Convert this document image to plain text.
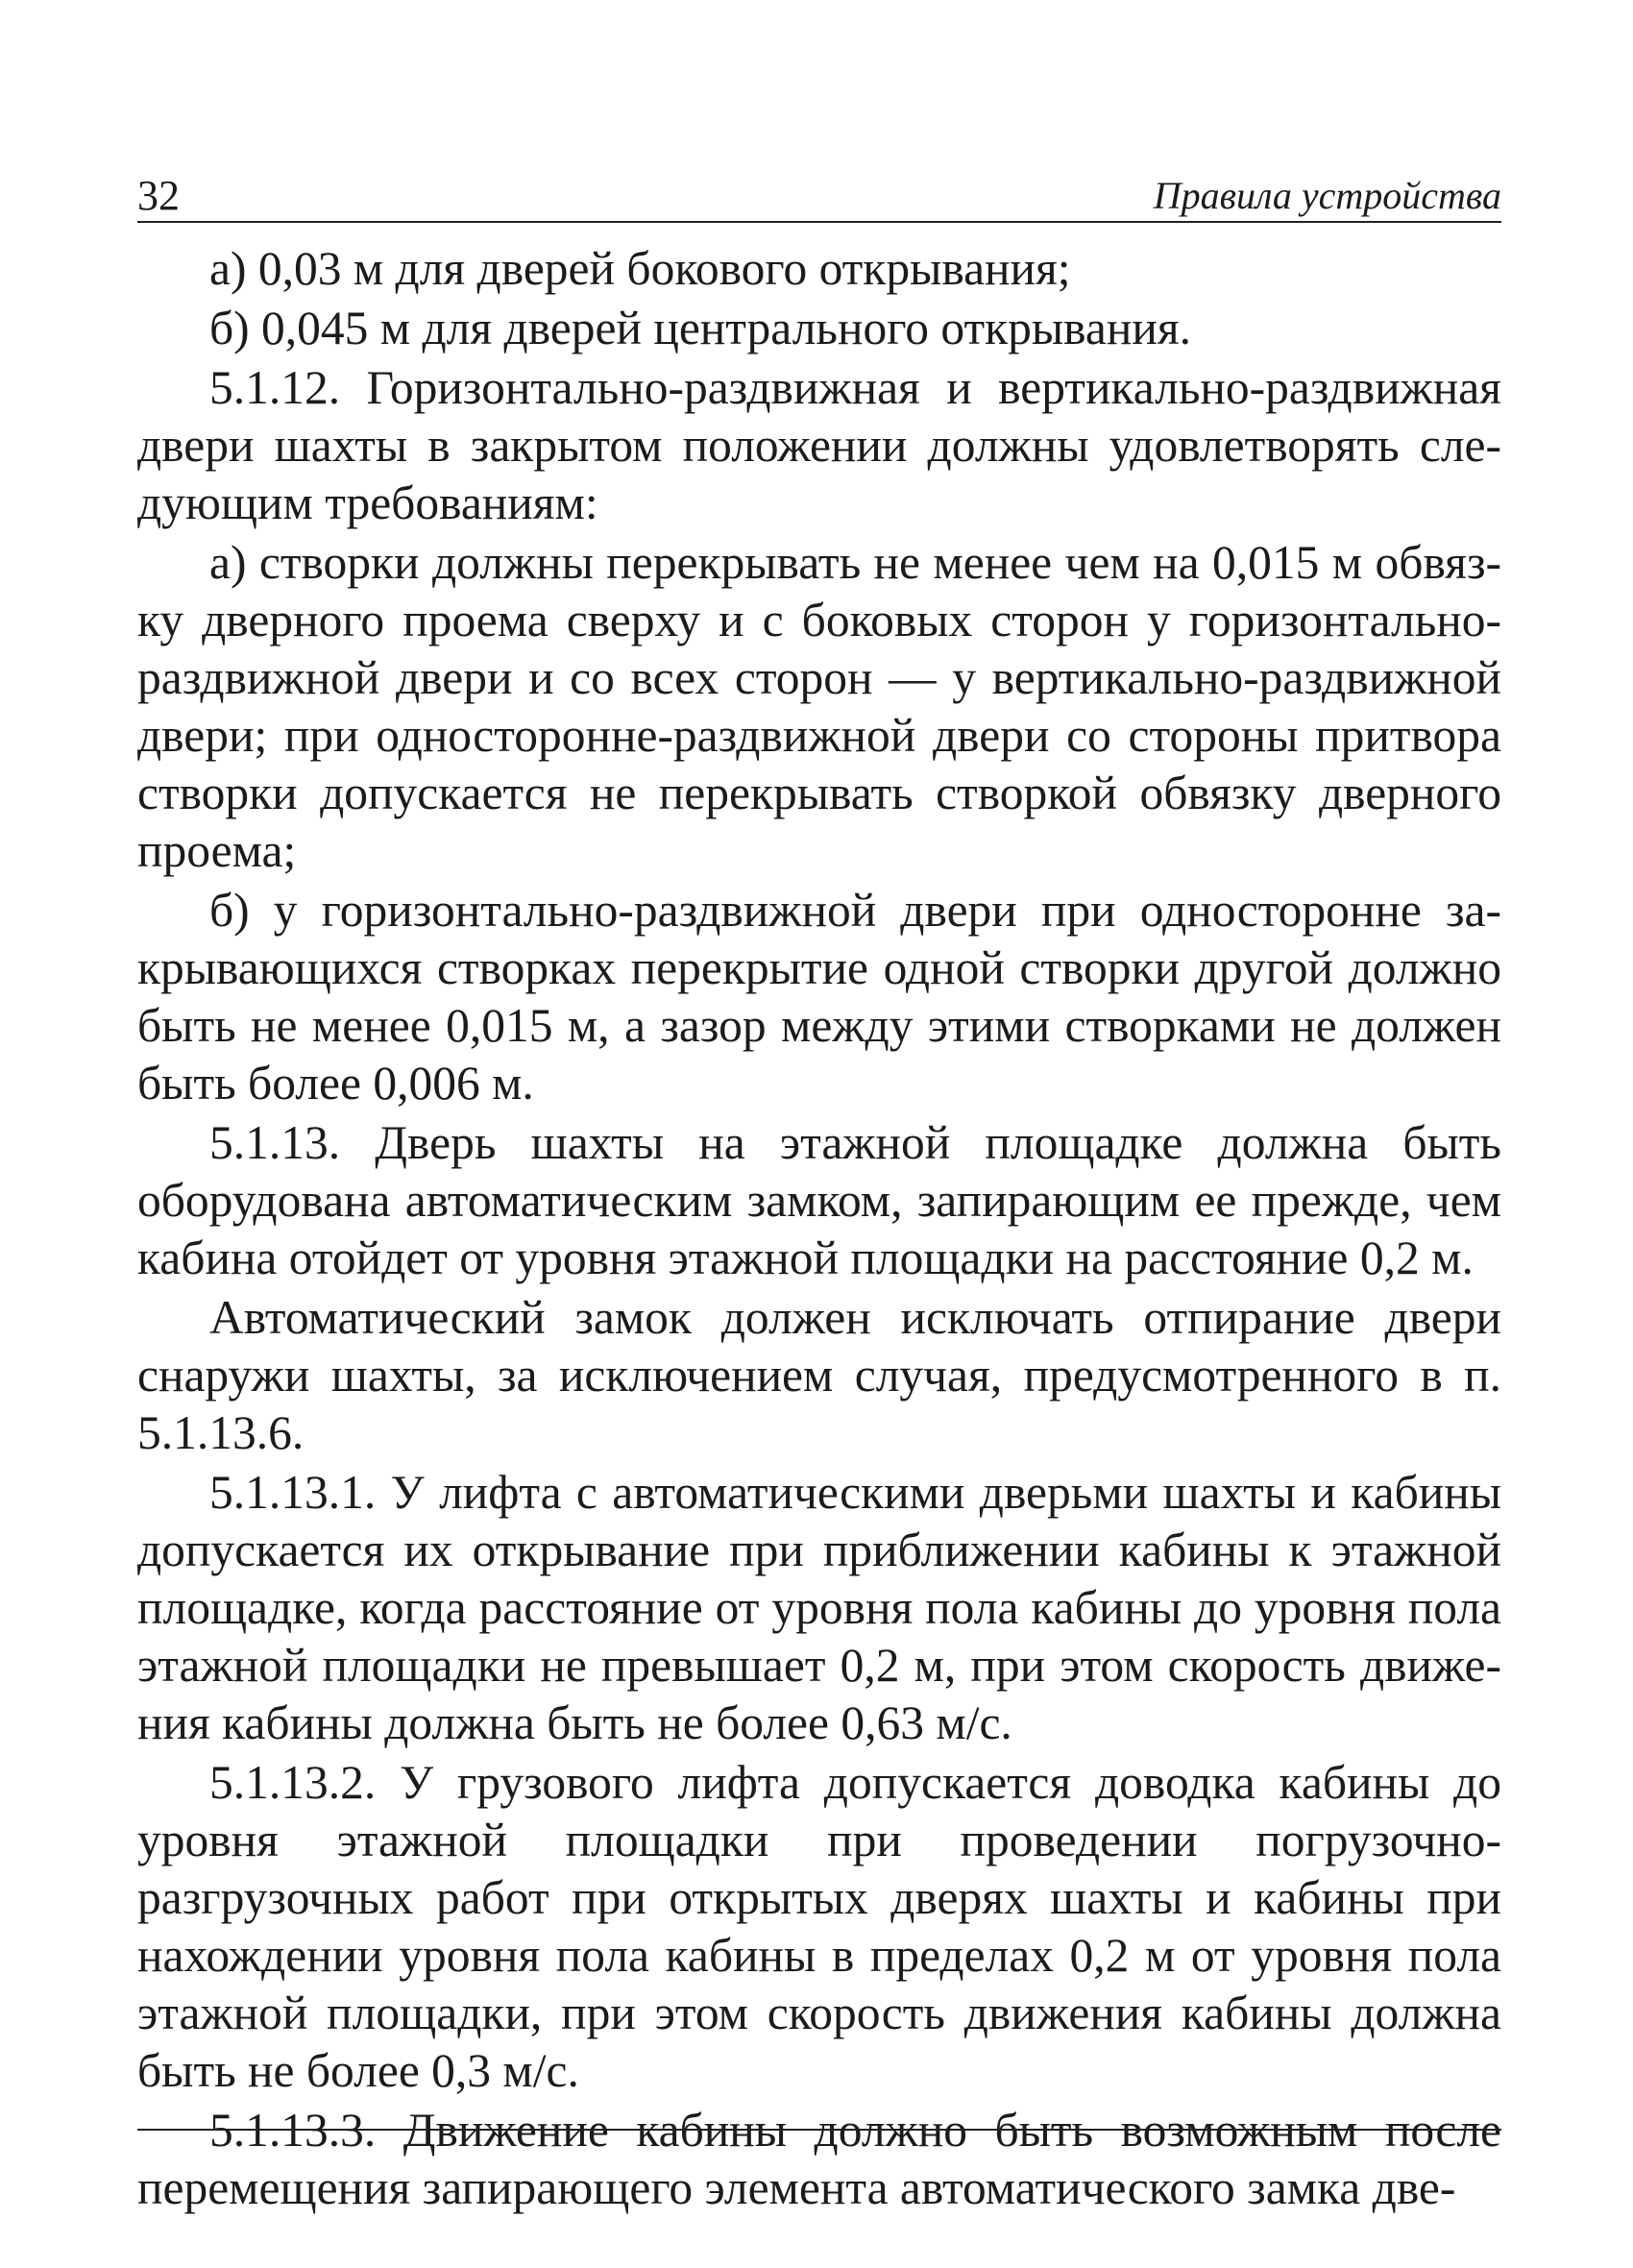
32	Правила устройства

а) 0,03 м для дверей бокового открывания;

б) 0,045 м для дверей центрального открывания.

5.1.12. Горизонтально-раздвижная и вертикально-раздвижная двери шахты в закрытом положении должны удовлетворять следующим требованиям:

а) створки должны перекрывать не менее чем на 0,015 м обвязку дверного проема сверху и с боковых сторон у горизонтально-раздвижной двери и со всех сторон — у вертикально-раздвижной двери; при односторонне-раздвижной двери со стороны притвора створки допускается не перекрывать створкой обвязку дверного проема;

б) у горизонтально-раздвижной двери при односторонне закрывающихся створках перекрытие одной створки другой должно быть не менее 0,015 м, а зазор между этими створками не должен быть более 0,006 м.

5.1.13. Дверь шахты на этажной площадке должна быть оборудована автоматическим замком, запирающим ее прежде, чем кабина отойдет от уровня этажной площадки на расстояние 0,2 м.

Автоматический замок должен исключать отпирание двери снаружи шахты, за исключением случая, предусмотренного в п. 5.1.13.6.

5.1.13.1. У лифта с автоматическими дверьми шахты и кабины допускается их открывание при приближении кабины к этажной площадке, когда расстояние от уровня пола кабины до уровня пола этажной площадки не превышает 0,2 м, при этом скорость движения кабины должна быть не более 0,63 м/с.

5.1.13.2. У грузового лифта допускается доводка кабины до уровня этажной площадки при проведении погрузочно-разгрузочных работ при открытых дверях шахты и кабины при нахождении уровня пола кабины в пределах 0,2 м от уровня пола этажной площадки, при этом скорость движения кабины должна быть не более 0,3 м/с.

5.1.13.3. Движение кабины должно быть возможным после перемещения запирающего элемента автоматического замка две-
